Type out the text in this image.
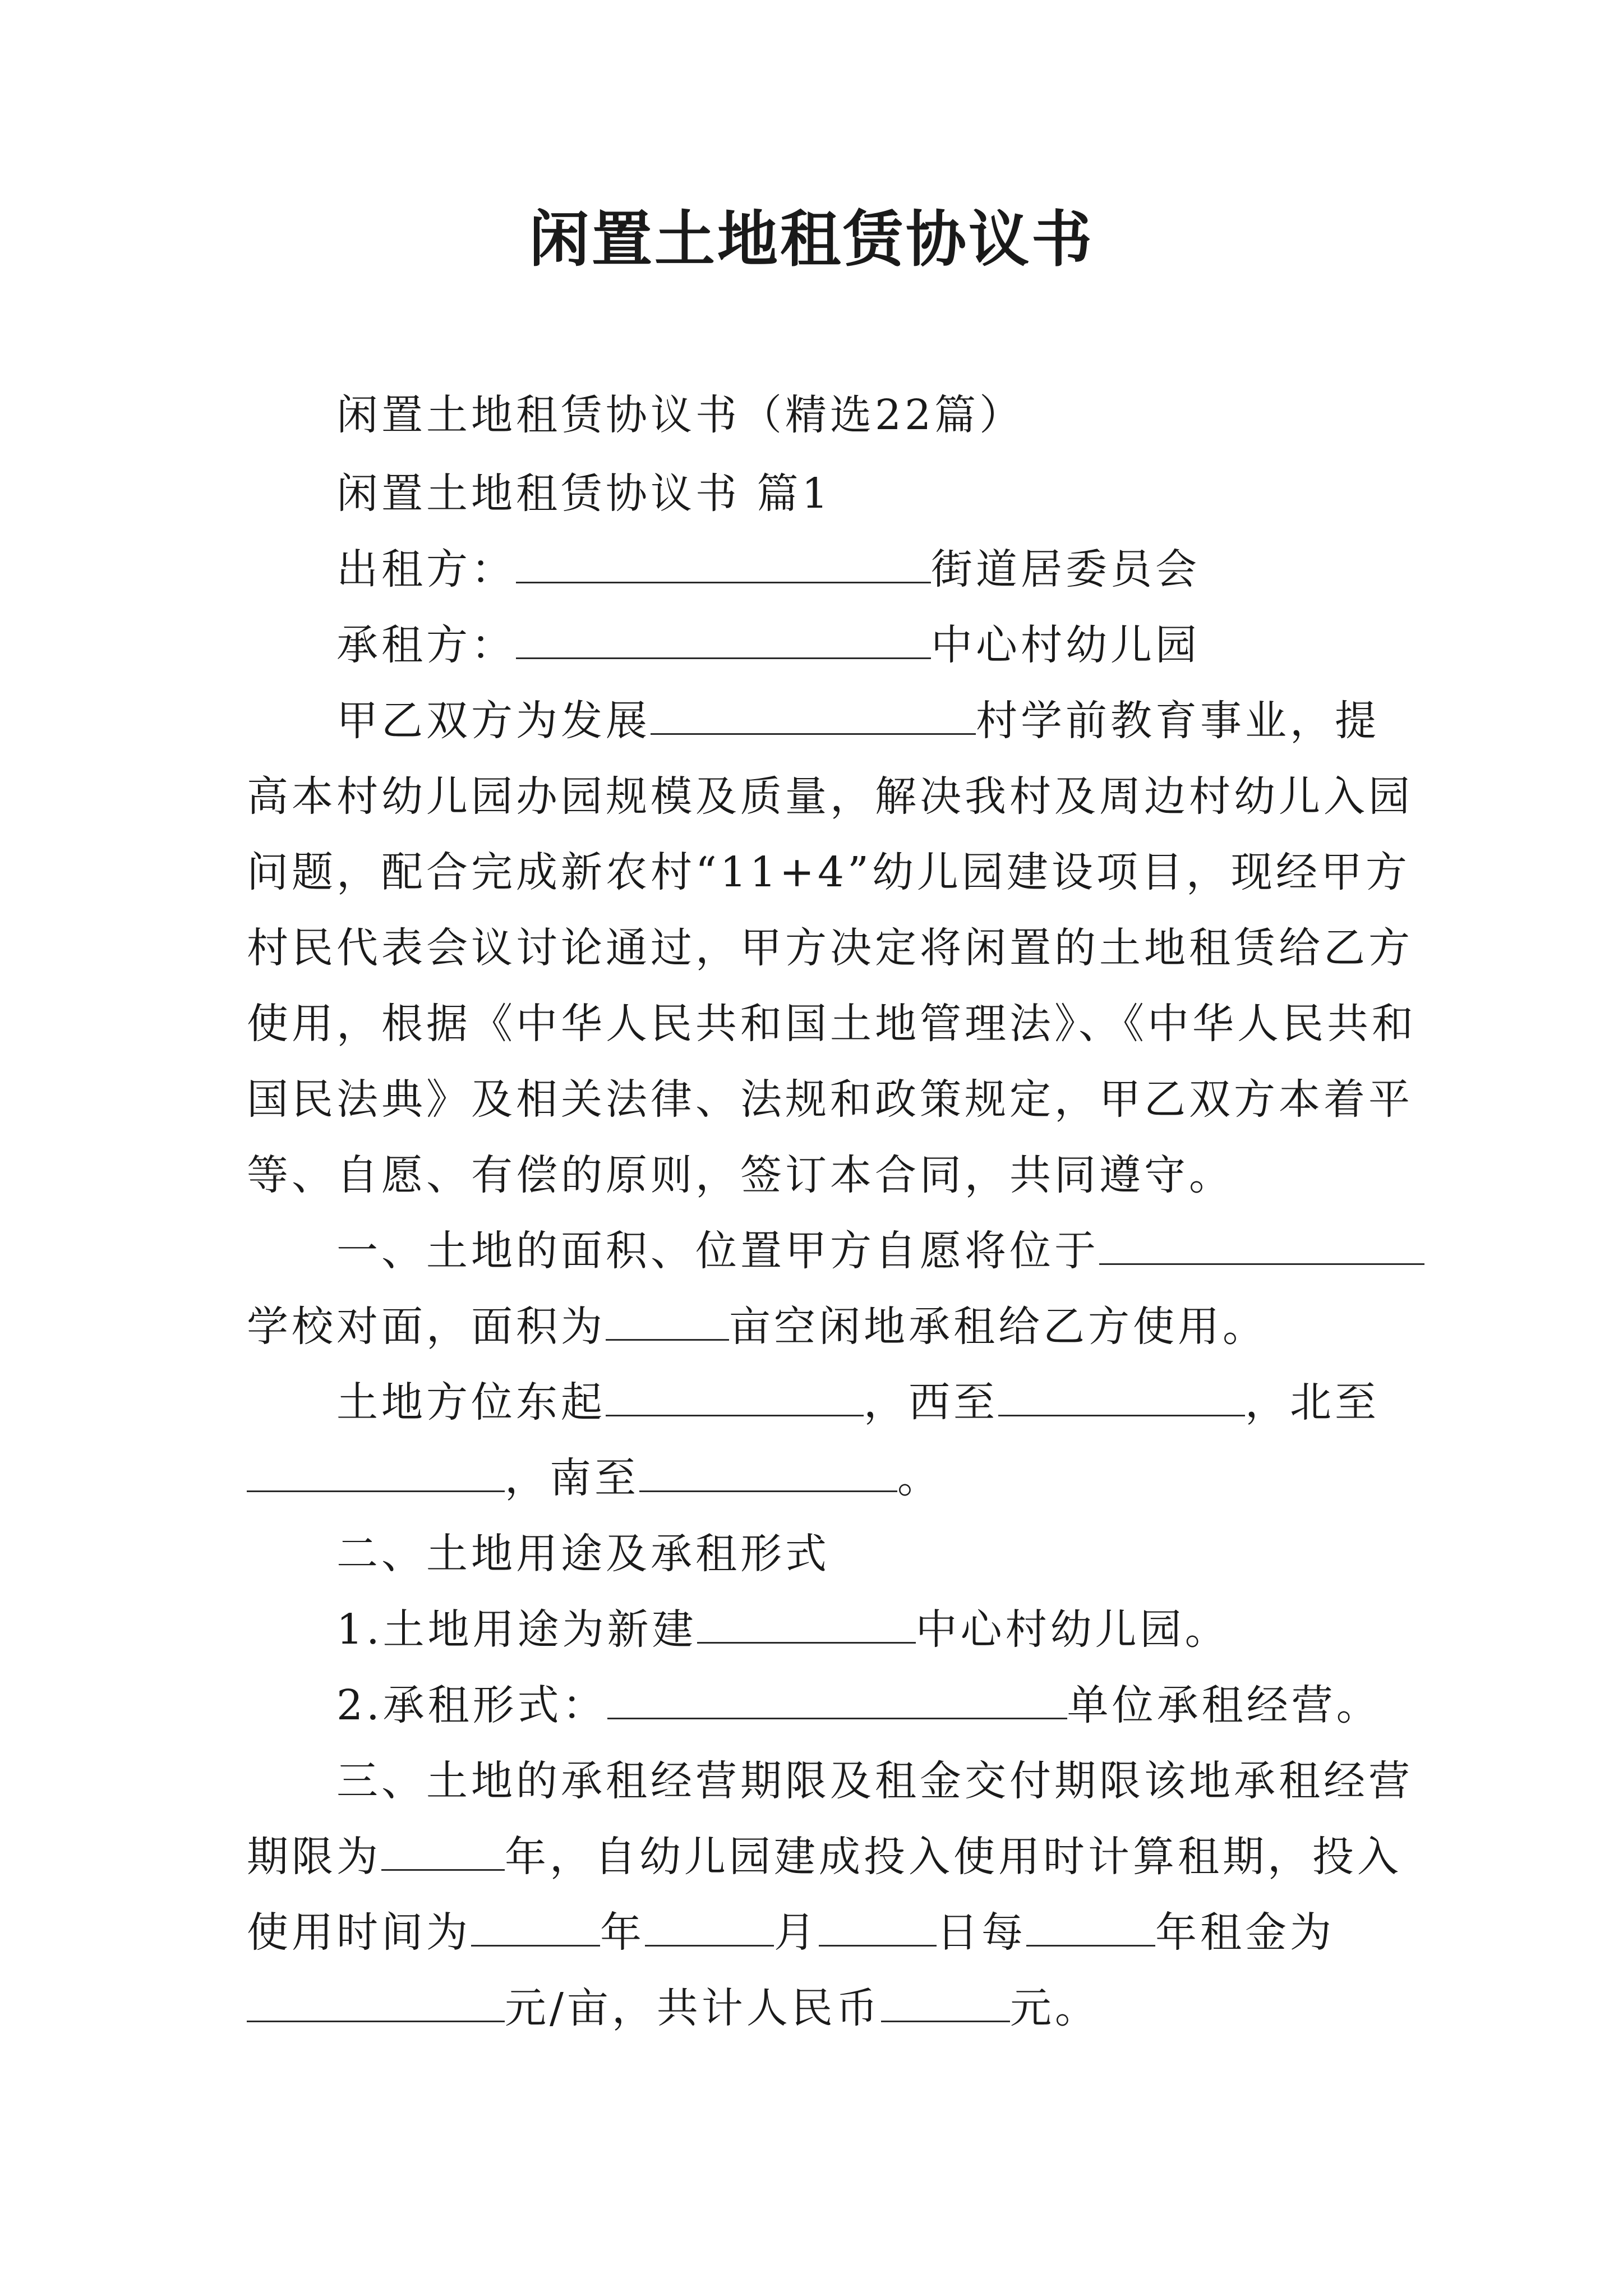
闲置土地租赁协议书
闲置土地租赁协议书（精选22篇）
闲置土地租赁协议书 篇1
出租方：	街道居委员会
承租方：	中心村幼儿园
甲乙双方为发展	村学前教育事业，提
高本村幼儿园办园规模及质量，解决我村及周边村幼儿入园
问题，配合完成新农村“11+4”幼儿园建设项目，现经甲方
村民代表会议讨论通过，甲方决定将闲置的土地租赁给乙方
使用，根据《中华人民共和国土地管理法》、《中华人民共和
国民法典》及相关法律、法规和政策规定，甲乙双方本着平
等、自愿、有偿的原则，签订本合同，共同遵守。
一、土地的面积、位置甲方自愿将位于
学校对面，面积为	亩空闲地承租给乙方使用。
土地方位东起	，西至	，北至
，南至	。
二、土地用途及承租形式
1.土地用途为新建	中心村幼儿园。
2.承租形式：	单位承租经营。
三、土地的承租经营期限及租金交付期限该地承租经营
期限为	年，自幼儿园建成投入使用时计算租期，投入
使用时间为	年	月	日每	年租金为
元/亩，共计人民币	元。
